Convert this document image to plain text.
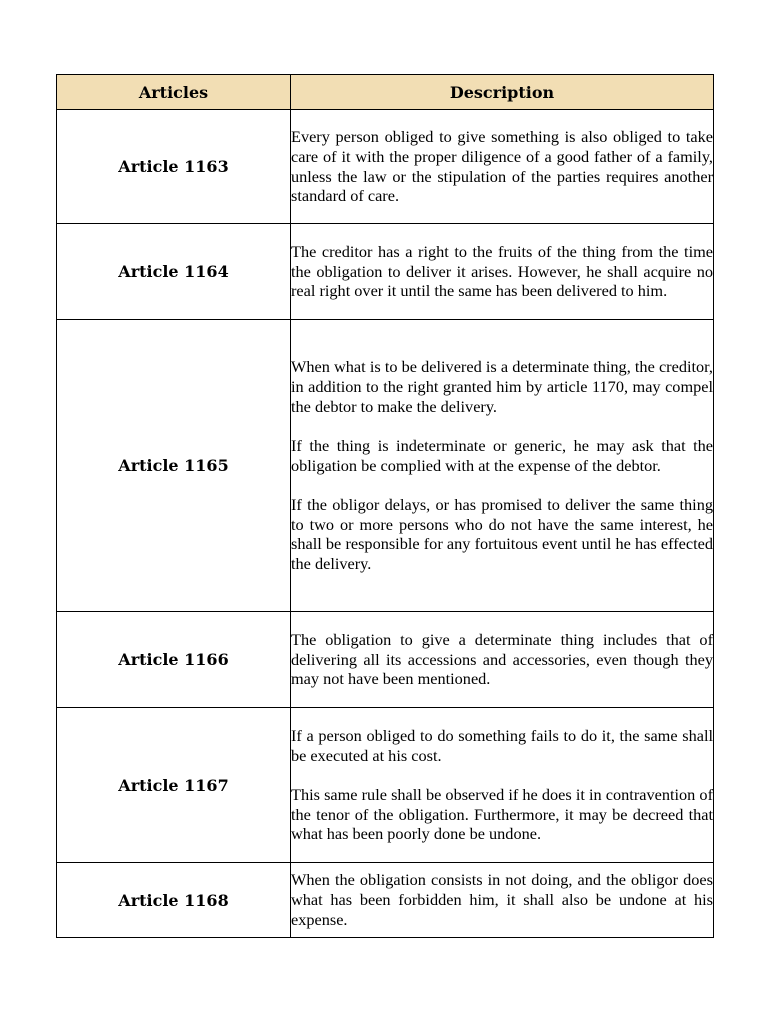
Articles	Description
Article 1163	Every person obliged to give something is also obliged to take care of it with the proper diligence of a good father of a family, unless the law or the stipulation of the parties requires another standard of care.

Article 1164	The creditor has a right to the fruits of the thing from the time the obligation to deliver it arises. However, he shall acquire no real right over it until the same has been delivered to him.

Article 1165	When what is to be delivered is a determinate thing, the creditor, in addition to the right granted him by article 1170, may compel the debtor to make the delivery.

If the thing is indeterminate or generic, he may ask that the obligation be complied with at the expense of the debtor.

If the obligor delays, or has promised to deliver the same thing to two or more persons who do not have the same interest, he shall be responsible for any fortuitous event until he has effected the delivery.

Article 1166	The obligation to give a determinate thing includes that of delivering all its accessions and accessories, even though they may not have been mentioned.

Article 1167	If a person obliged to do something fails to do it, the same shall be executed at his cost.

This same rule shall be observed if he does it in contravention of the tenor of the obligation. Furthermore, it may be decreed that what has been poorly done be undone.

Article 1168	When the obligation consists in not doing, and the obligor does what has been forbidden him, it shall also be undone at his expense.
